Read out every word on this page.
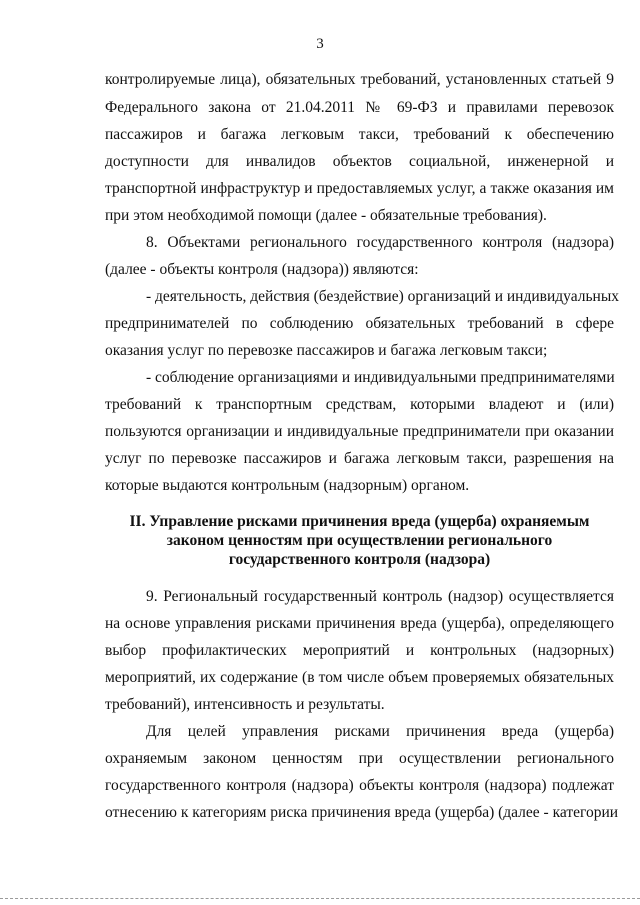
3
контролируемые лица), обязательных требований, установленных статьей 9
Федерального закона от 21.04.2011 № 69-ФЗ и правилами перевозок
пассажиров и багажа легковым такси, требований к обеспечению
доступности для инвалидов объектов социальной, инженерной и
транспортной инфраструктур и предоставляемых услуг, а также оказания им
при этом необходимой помощи (далее - обязательные требования).
8. Объектами регионального государственного контроля (надзора)
(далее - объекты контроля (надзора)) являются:
- деятельность, действия (бездействие) организаций и индивидуальных
предпринимателей по соблюдению обязательных требований в сфере
оказания услуг по перевозке пассажиров и багажа легковым такси;
- соблюдение организациями и индивидуальными предпринимателями
требований к транспортным средствам, которыми владеют и (или)
пользуются организации и индивидуальные предприниматели при оказании
услуг по перевозке пассажиров и багажа легковым такси, разрешения на
которые выдаются контрольным (надзорным) органом.
II. Управление рисками причинения вреда (ущерба) охраняемым
законом ценностям при осуществлении регионального
государственного контроля (надзора)
9. Региональный государственный контроль (надзор) осуществляется
на основе управления рисками причинения вреда (ущерба), определяющего
выбор профилактических мероприятий и контрольных (надзорных)
мероприятий, их содержание (в том числе объем проверяемых обязательных
требований), интенсивность и результаты.
Для целей управления рисками причинения вреда (ущерба)
охраняемым законом ценностям при осуществлении регионального
государственного контроля (надзора) объекты контроля (надзора) подлежат
отнесению к категориям риска причинения вреда (ущерба) (далее - категории
